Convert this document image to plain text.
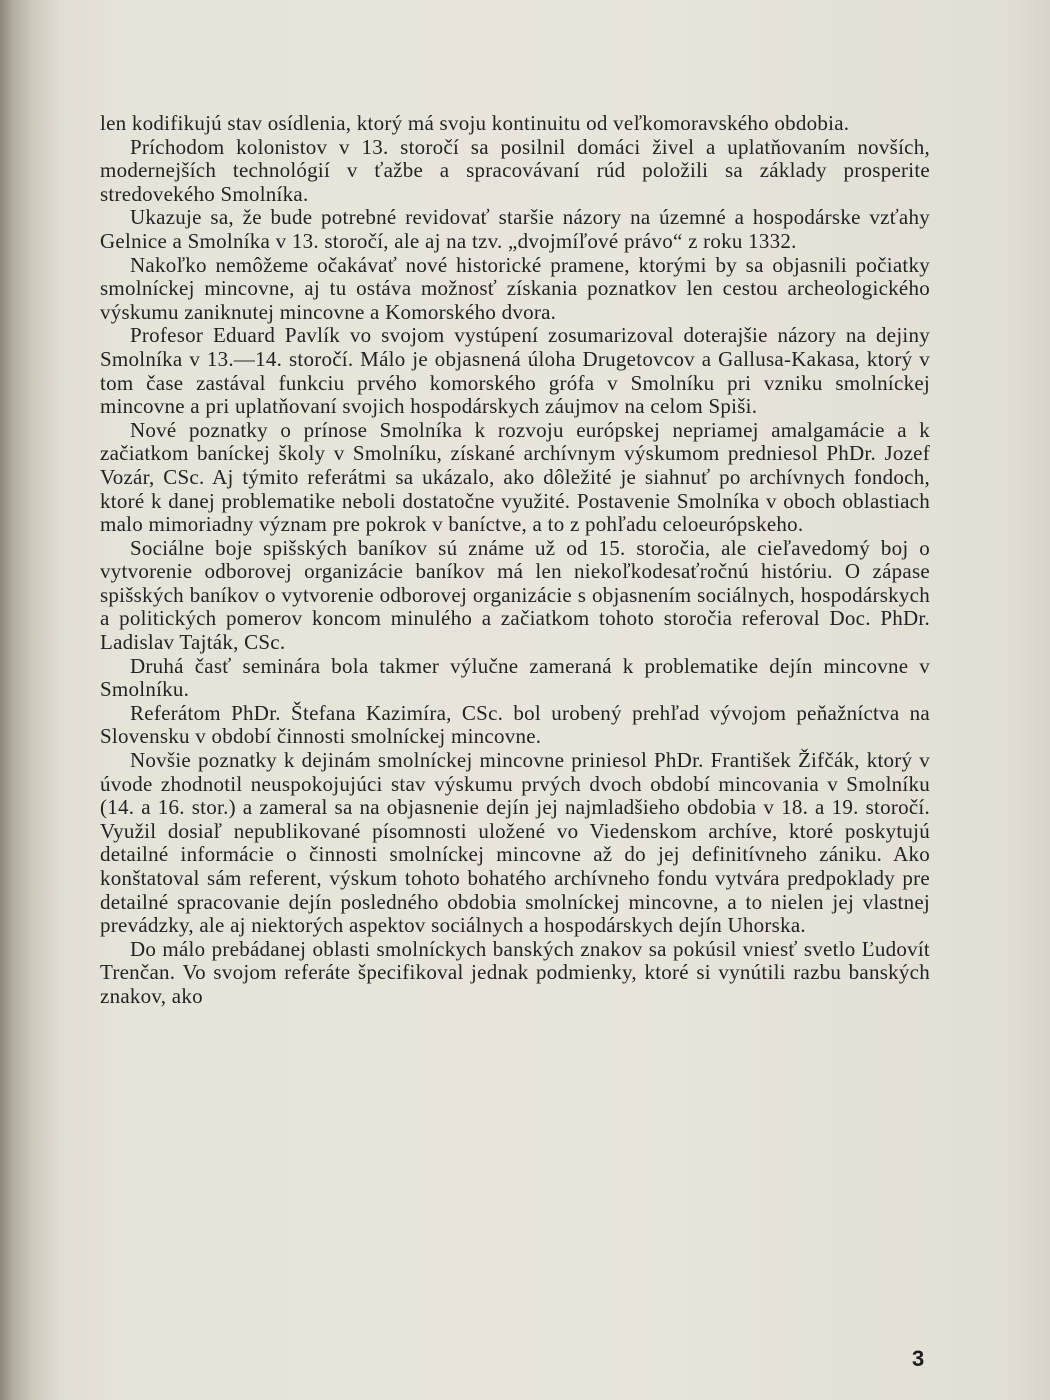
len kodifikujú stav osídlenia, ktorý má svoju kontinuitu od veľkomoravského obdobia.

Príchodom kolonistov v 13. storočí sa posilnil domáci živel a uplatňovaním novších, modernejších technológií v ťažbe a spracovávaní rúd položili sa základy prosperite stredovekého Smolníka.

Ukazuje sa, že bude potrebné revidovať staršie názory na územné a hospodárske vzťahy Gelnice a Smolníka v 13. storočí, ale aj na tzv. „dvojmíľové právo“ z roku 1332.

Nakoľko nemôžeme očakávať nové historické pramene, ktorými by sa objasnili počiatky smolníckej mincovne, aj tu ostáva možnosť získania poznatkov len cestou archeologického výskumu zaniknutej mincovne a Komorského dvora.

Profesor Eduard Pavlík vo svojom vystúpení zosumarizoval doterajšie názory na dejiny Smolníka v 13.—14. storočí. Málo je objasnená úloha Drugetovcov a Gallusa-Kakasa, ktorý v tom čase zastával funkciu prvého komorského grófa v Smolníku pri vzniku smolníckej mincovne a pri uplatňovaní svojich hospodárskych záujmov na celom Spiši.

Nové poznatky o prínose Smolníka k rozvoju európskej nepriamej amalgamácie a k začiatkom baníckej školy v Smolníku, získané archívnym výskumom predniesol PhDr. Jozef Vozár, CSc. Aj týmito referátmi sa ukázalo, ako dôležité je siahnuť po archívnych fondoch, ktoré k danej problematike neboli dostatočne využité. Postavenie Smolníka v oboch oblastiach malo mimoriadny význam pre pokrok v baníctve, a to z pohľadu celoeurópskeho.

Sociálne boje spišských baníkov sú známe už od 15. storočia, ale cieľavedomý boj o vytvorenie odborovej organizácie baníkov má len niekoľkodesaťročnú históriu. O zápase spišských baníkov o vytvorenie odborovej organizácie s objasnením sociálnych, hospodárskych a politických pomerov koncom minulého a začiatkom tohoto storočia referoval Doc. PhDr. Ladislav Tajták, CSc.

Druhá časť seminára bola takmer výlučne zameraná k problematike dejín mincovne v Smolníku.

Referátom PhDr. Štefana Kazimíra, CSc. bol urobený prehľad vývojom peňažníctva na Slovensku v období činnosti smolníckej mincovne.

Novšie poznatky k dejinám smolníckej mincovne priniesol PhDr. František Žifčák, ktorý v úvode zhodnotil neuspokojujúci stav výskumu prvých dvoch období mincovania v Smolníku (14. a 16. stor.) a zameral sa na objasnenie dejín jej najmladšieho obdobia v 18. a 19. storočí. Využil dosiaľ nepublikované písomnosti uložené vo Viedenskom archíve, ktoré poskytujú detailné informácie o činnosti smolníckej mincovne až do jej definitívneho zániku. Ako konštatoval sám referent, výskum tohoto bohatého archívneho fondu vytvára predpoklady pre detailné spracovanie dejín posledného obdobia smolníckej mincovne, a to nielen jej vlastnej prevádzky, ale aj niektorých aspektov sociálnych a hospodárskych dejín Uhorska.

Do málo prebádanej oblasti smolníckych banských znakov sa pokúsil vniesť svetlo Ľudovít Trenčan. Vo svojom referáte špecifikoval jednak podmienky, ktoré si vynútili razbu banských znakov, ako

3
